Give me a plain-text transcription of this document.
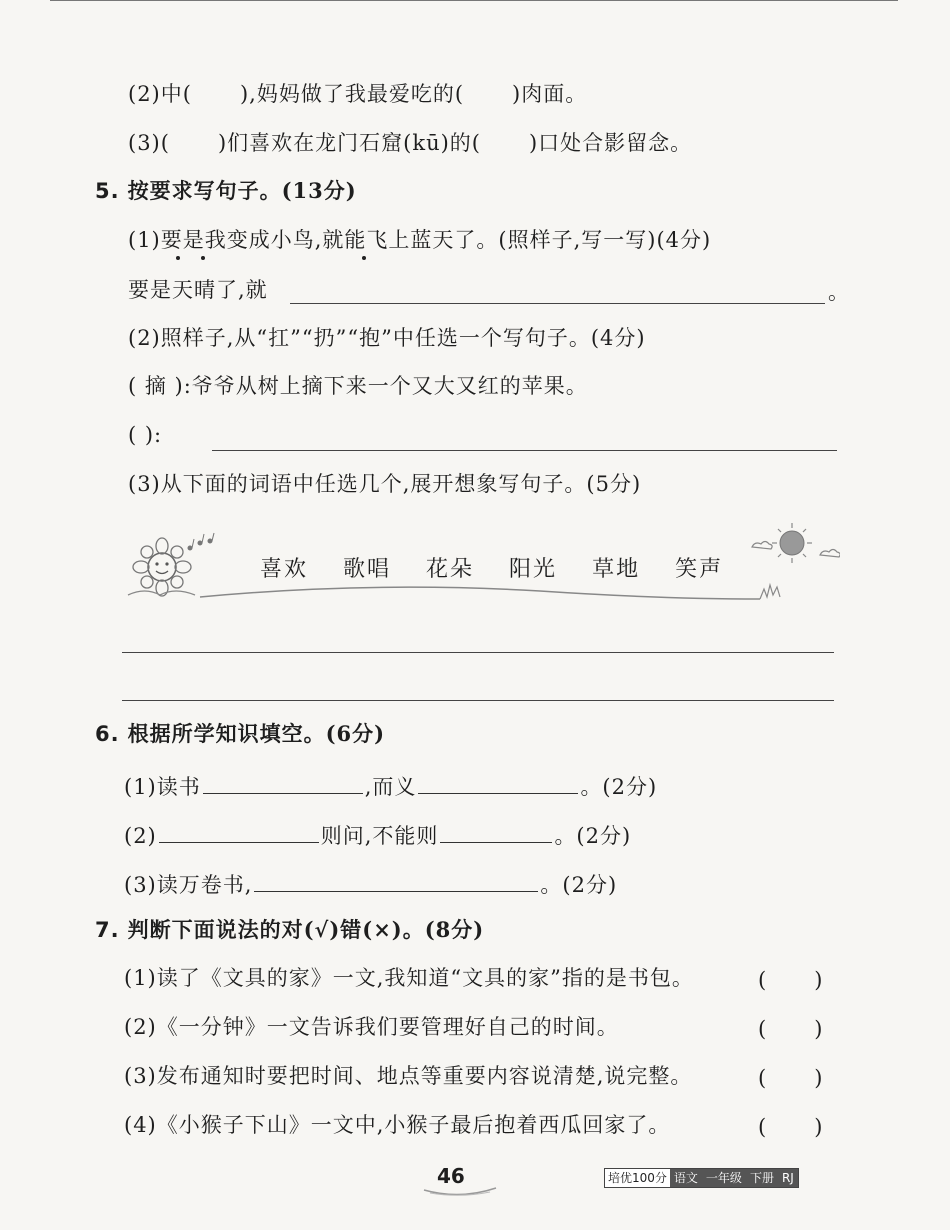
(2)中( ),妈妈做了我最爱吃的( )肉面。
(3)( )们喜欢在龙门石窟(kū)的( )口处合影留念。
5. 按要求写句子。(13分)
(1)要是我变成小鸟,就能飞上蓝天了。(照样子,写一写)(4分)
要是天晴了,就	。
(2)照样子,从“扛”“扔”“抱”中任选一个写句子。(4分)
( 摘 ):爷爷从树上摘下来一个又大又红的苹果。
( ):
(3)从下面的词语中任选几个,展开想象写句子。(5分)
喜欢 歌唱 花朵 阳光 草地 笑声
6. 根据所学知识填空。(6分)
(1)读书	,而义	。(2分)
(2)	则问,不能则	。(2分)
(3)读万卷书,	。(2分)
7. 判断下面说法的对(√)错(×)。(8分)
(1)读了《文具的家》一文,我知道“文具的家”指的是书包。	( )
(2)《一分钟》一文告诉我们要管理好自己的时间。	( )
(3)发布通知时要把时间、地点等重要内容说清楚,说完整。	( )
(4)《小猴子下山》一文中,小猴子最后抱着西瓜回家了。	( )
46	培优100分 语文 一年级 下册 RJ
